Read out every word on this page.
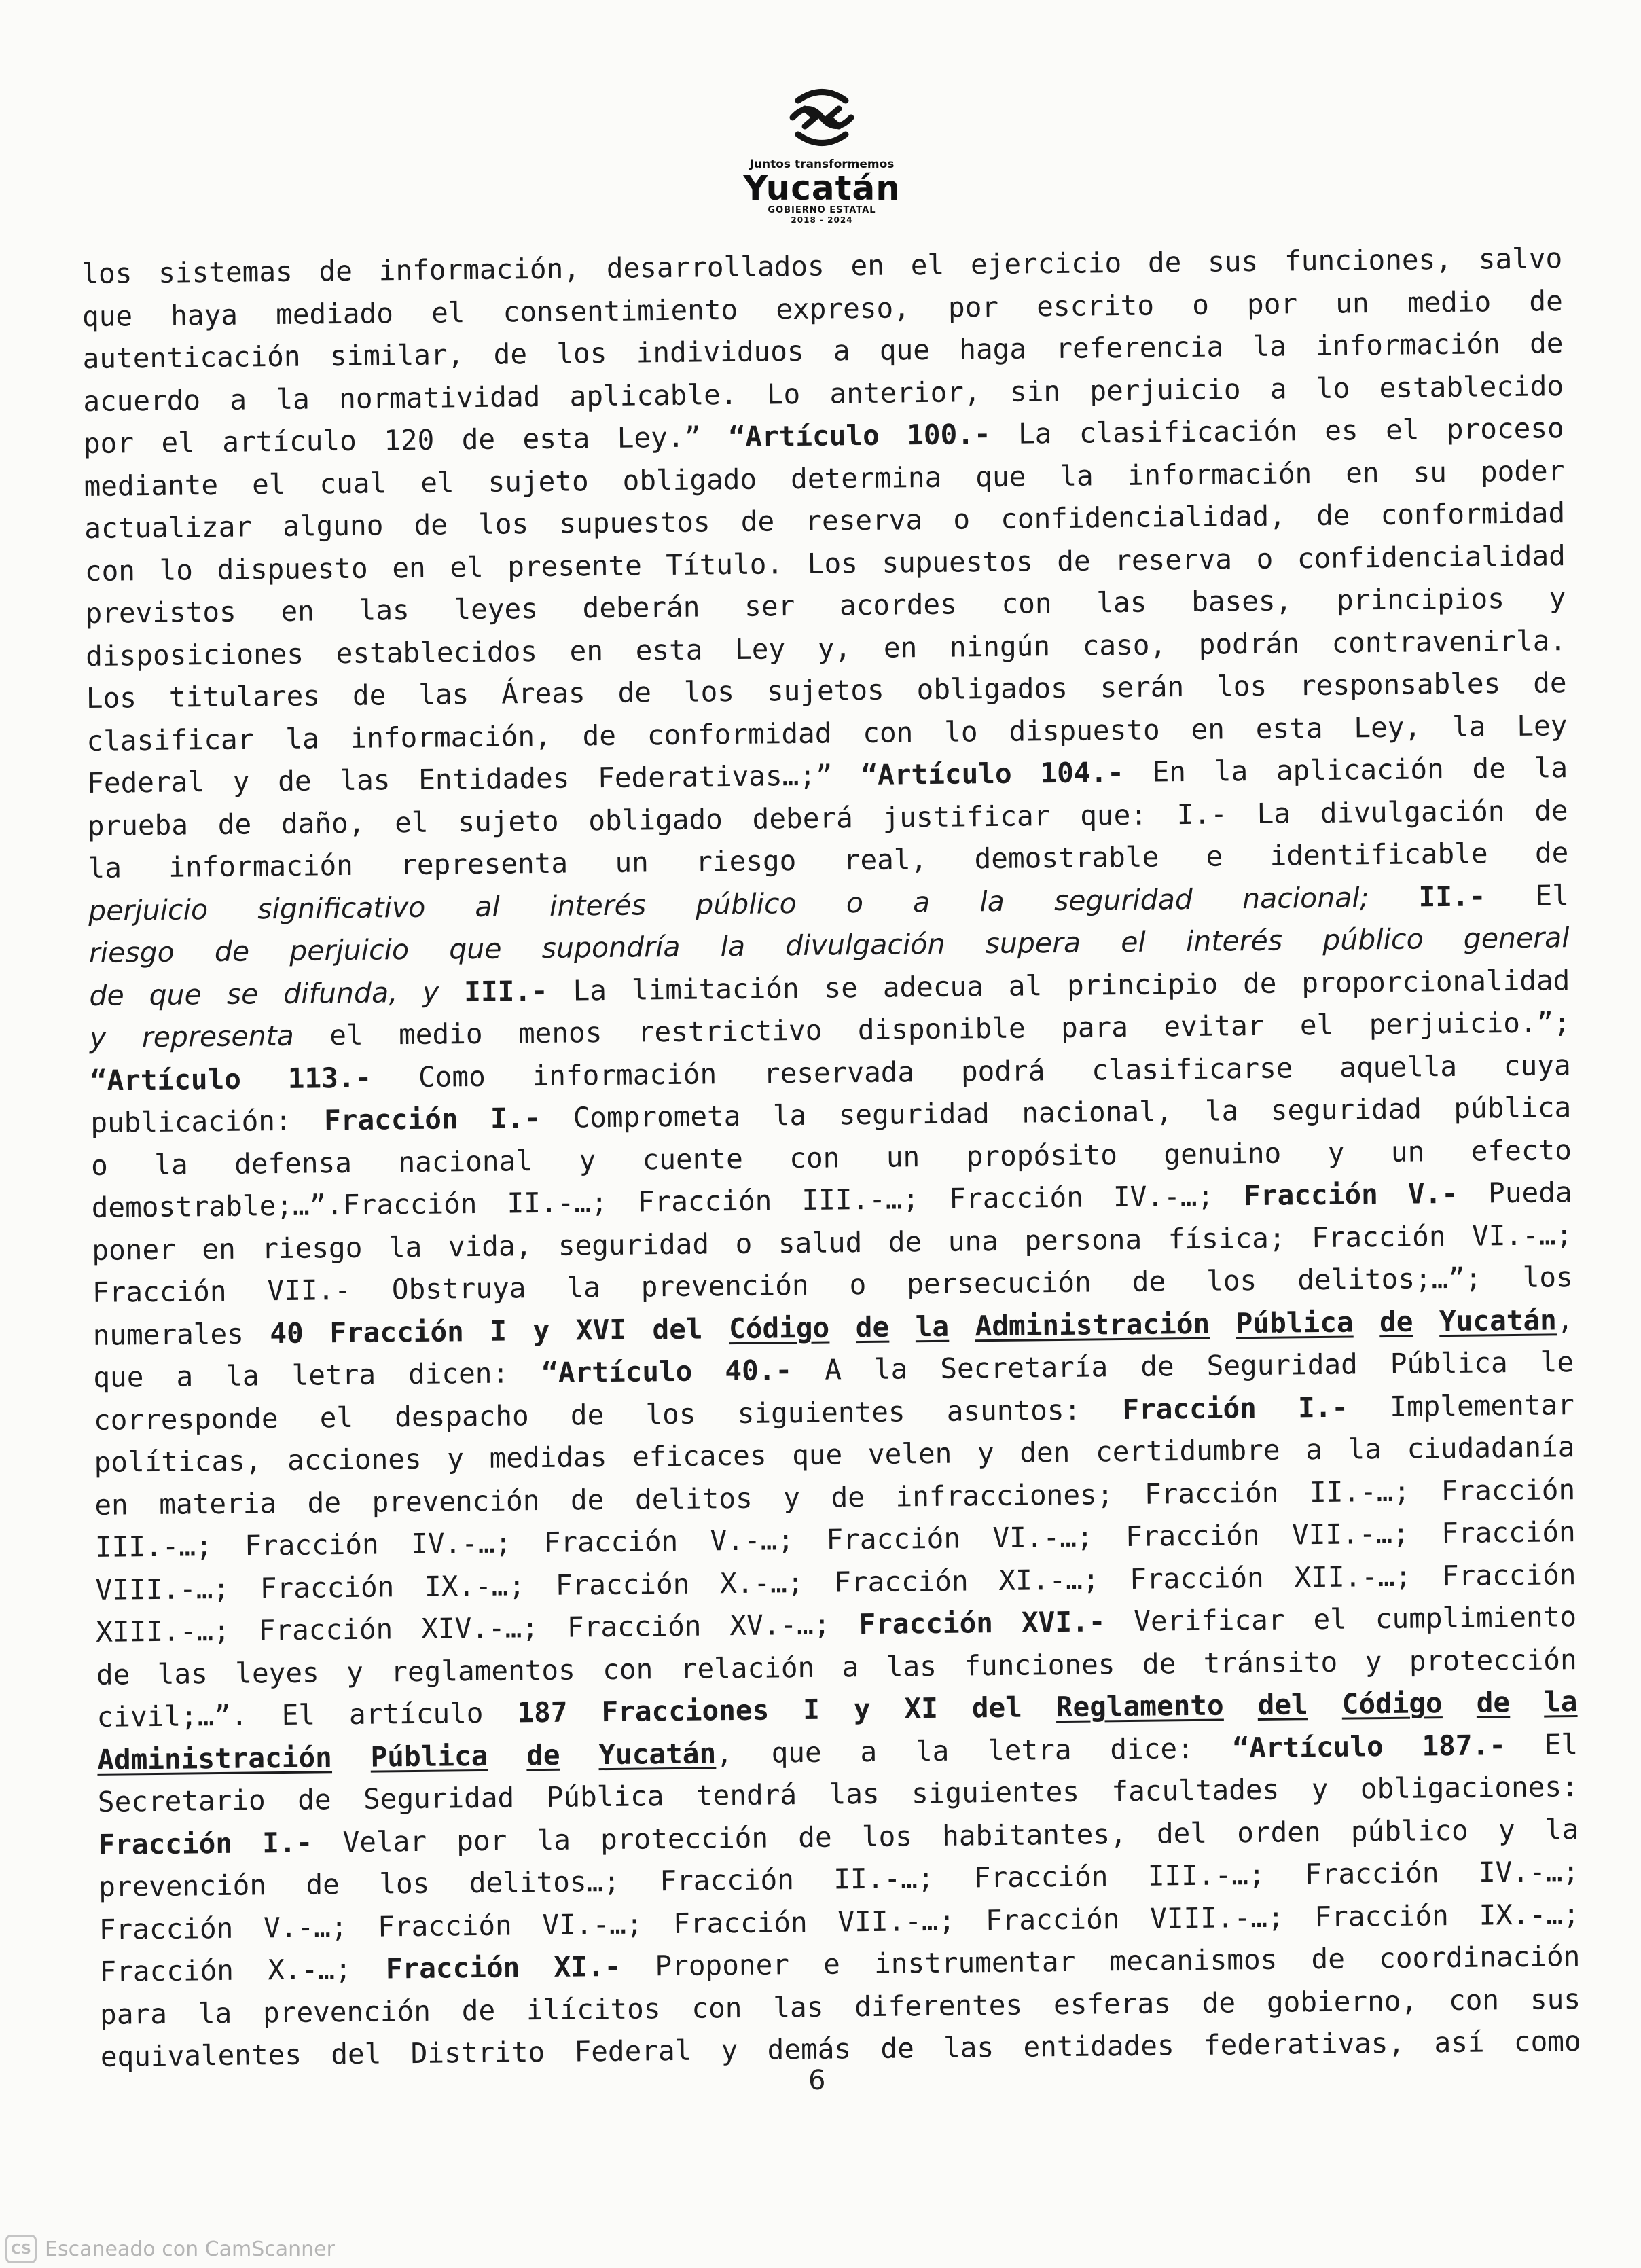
Juntos transformemos
Yucatán
GOBIERNO ESTATAL
2018 - 2024
los sistemas de información, desarrollados en el ejercicio de sus funciones, salvo
que haya mediado el consentimiento expreso, por escrito o por un medio de
autenticación similar, de los individuos a que haga referencia la información de
acuerdo a la normatividad aplicable. Lo anterior, sin perjuicio a lo establecido
por el artículo 120 de esta Ley.” “Artículo 100.- La clasificación es el proceso
mediante el cual el sujeto obligado determina que la información en su poder
actualizar alguno de los supuestos de reserva o confidencialidad, de conformidad
con lo dispuesto en el presente Título. Los supuestos de reserva o confidencialidad
previstos en las leyes deberán ser acordes con las bases, principios y
disposiciones establecidos en esta Ley y, en ningún caso, podrán contravenirla.
Los titulares de las Áreas de los sujetos obligados serán los responsables de
clasificar la información, de conformidad con lo dispuesto en esta Ley, la Ley
Federal y de las Entidades Federativas…;” “Artículo 104.- En la aplicación de la
prueba de daño, el sujeto obligado deberá justificar que: I.- La divulgación de
la información representa un riesgo real, demostrable e identificable de
perjuicio significativo al interés público o a la seguridad nacional; II.- El
riesgo de perjuicio que supondría la divulgación supera el interés público general
de que se difunda, y III.- La limitación se adecua al principio de proporcionalidad
y representa el medio menos restrictivo disponible para evitar el perjuicio.”;
“Artículo 113.- Como información reservada podrá clasificarse aquella cuya
publicación: Fracción I.- Comprometa la seguridad nacional, la seguridad pública
o la defensa nacional y cuente con un propósito genuino y un efecto
demostrable;…”.Fracción II.-…; Fracción III.-…; Fracción IV.-…; Fracción V.- Pueda
poner en riesgo la vida, seguridad o salud de una persona física; Fracción VI.-…;
Fracción VII.- Obstruya la prevención o persecución de los delitos;…”; los
numerales 40 Fracción I y XVI del Código de la Administración Pública de Yucatán,
que a la letra dicen: “Artículo 40.- A la Secretaría de Seguridad Pública le
corresponde el despacho de los siguientes asuntos: Fracción I.- Implementar
políticas, acciones y medidas eficaces que velen y den certidumbre a la ciudadanía
en materia de prevención de delitos y de infracciones; Fracción II.-…; Fracción
III.-…; Fracción IV.-…; Fracción V.-…; Fracción VI.-…; Fracción VII.-…; Fracción
VIII.-…; Fracción IX.-…; Fracción X.-…; Fracción XI.-…; Fracción XII.-…; Fracción
XIII.-…; Fracción XIV.-…; Fracción XV.-…; Fracción XVI.- Verificar el cumplimiento
de las leyes y reglamentos con relación a las funciones de tránsito y protección
civil;…”. El artículo 187 Fracciones I y XI del Reglamento del Código de la
Administración Pública de Yucatán, que a la letra dice: “Artículo 187.- El
Secretario de Seguridad Pública tendrá las siguientes facultades y obligaciones:
Fracción I.- Velar por la protección de los habitantes, del orden público y la
prevención de los delitos…; Fracción II.-…; Fracción III.-…; Fracción IV.-…;
Fracción V.-…; Fracción VI.-…; Fracción VII.-…; Fracción VIII.-…; Fracción IX.-…;
Fracción X.-…; Fracción XI.- Proponer e instrumentar mecanismos de coordinación
para la prevención de ilícitos con las diferentes esferas de gobierno, con sus
equivalentes del Distrito Federal y demás de las entidades federativas, así como
6
CS Escaneado con CamScanner
